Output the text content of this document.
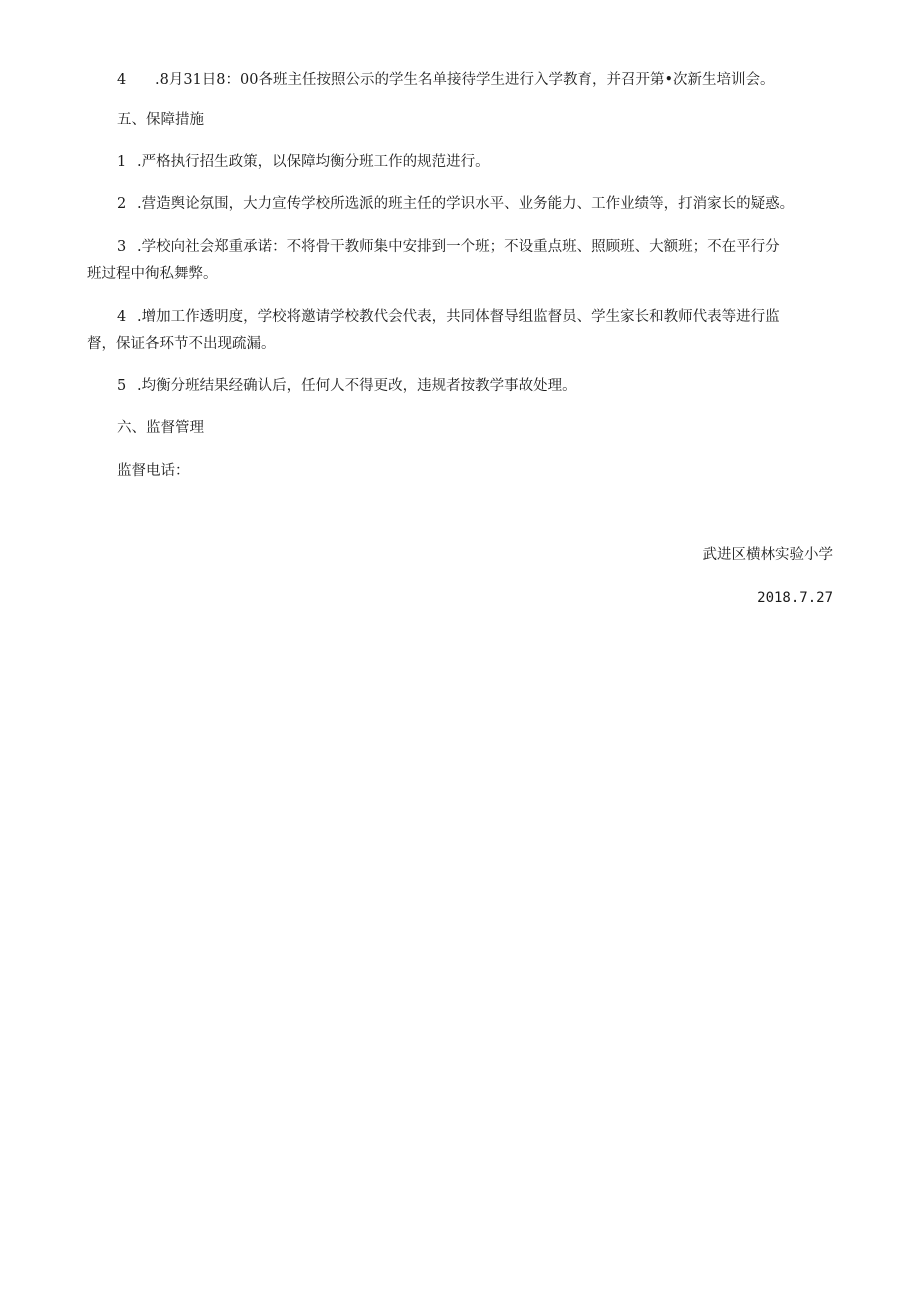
4 .8月31日8：00各班主任按照公示的学生名单接待学生进行入学教育，并召开第•次新生培训会。
五、保障措施
1 .严格执行招生政策，以保障均衡分班工作的规范进行。
2 .营造舆论氛围，大力宣传学校所选派的班主任的学识水平、业务能力、工作业绩等，打消家长的疑惑。
3 .学校向社会郑重承诺：不将骨干教师集中安排到一个班；不设重点班、照顾班、大额班；不在平行分
班过程中徇私舞弊。
4 .增加工作透明度，学校将邀请学校教代会代表，共同体督导组监督员、学生家长和教师代表等进行监
督，保证各环节不出现疏漏。
5 .均衡分班结果经确认后，任何人不得更改，违规者按教学事故处理。
六、监督管理
监督电话：
武进区横林实验小学
2018.7.27
